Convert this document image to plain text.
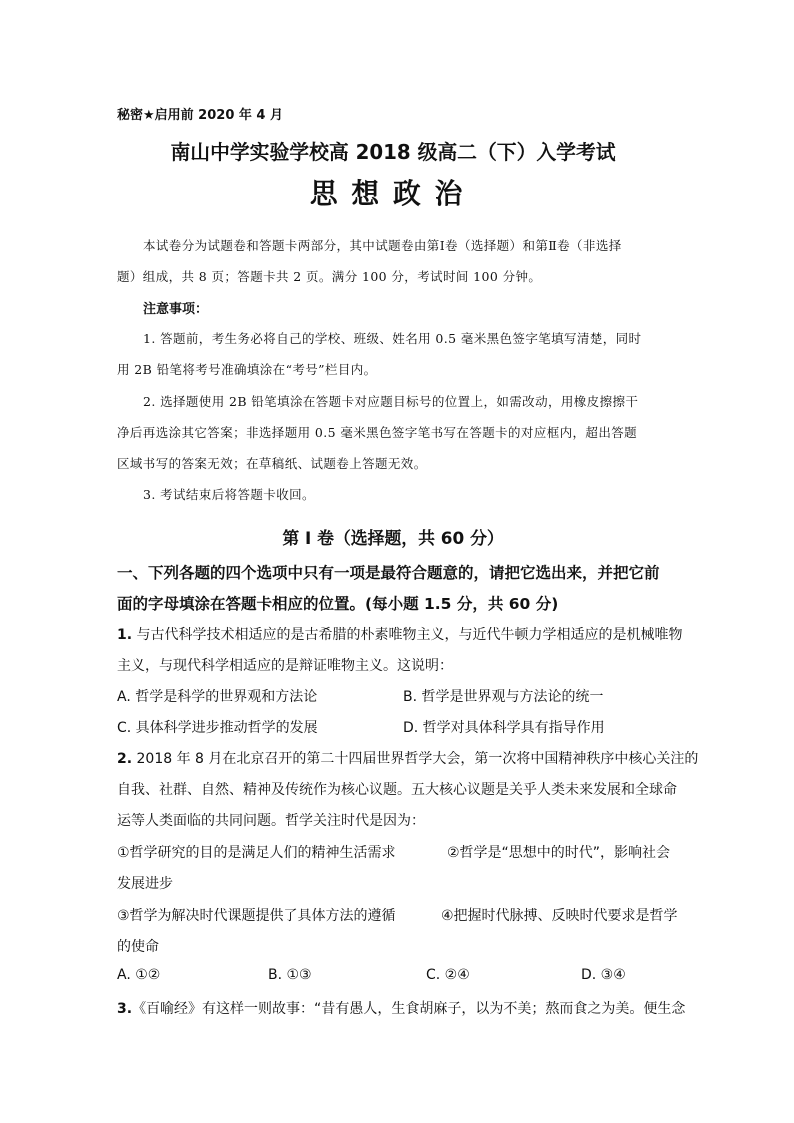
秘密★启用前 2020 年 4 月
南山中学实验学校高 2018 级高二（下）入学考试
思想政治
本试卷分为试题卷和答题卡两部分，其中试题卷由第Ⅰ卷（选择题）和第Ⅱ卷（非选择
题）组成，共 8 页；答题卡共 2 页。满分 100 分，考试时间 100 分钟。
注意事项：
1. 答题前，考生务必将自己的学校、班级、姓名用 0.5 毫米黑色签字笔填写清楚，同时
用 2B 铅笔将考号准确填涂在“考号”栏目内。
2. 选择题使用 2B 铅笔填涂在答题卡对应题目标号的位置上，如需改动，用橡皮擦擦干
净后再选涂其它答案；非选择题用 0.5 毫米黑色签字笔书写在答题卡的对应框内，超出答题
区域书写的答案无效；在草稿纸、试题卷上答题无效。
3. 考试结束后将答题卡收回。
第 Ⅰ 卷（选择题，共 60 分）
一、下列各题的四个选项中只有一项是最符合题意的，请把它选出来，并把它前
面的字母填涂在答题卡相应的位置。(每小题 1.5 分，共 60 分)
1. 与古代科学技术相适应的是古希腊的朴素唯物主义，与近代牛顿力学相适应的是机械唯物
主义，与现代科学相适应的是辩证唯物主义。这说明：
A. 哲学是科学的世界观和方法论	B. 哲学是世界观与方法论的统一
C. 具体科学进步推动哲学的发展	D. 哲学对具体科学具有指导作用
2. 2018 年 8 月在北京召开的第二十四届世界哲学大会，第一次将中国精神秩序中核心关注的
自我、社群、自然、精神及传统作为核心议题。五大核心议题是关乎人类未来发展和全球命
运等人类面临的共同问题。哲学关注时代是因为：
①哲学研究的目的是满足人们的精神生活需求	②哲学是“思想中的时代”，影响社会
发展进步
③哲学为解决时代课题提供了具体方法的遵循	④把握时代脉搏、反映时代要求是哲学
的使命
A. ①②	B. ①③	C. ②④	D. ③④
3.《百喻经》有这样一则故事：“昔有愚人，生食胡麻子，以为不美；熬而食之为美。便生念
